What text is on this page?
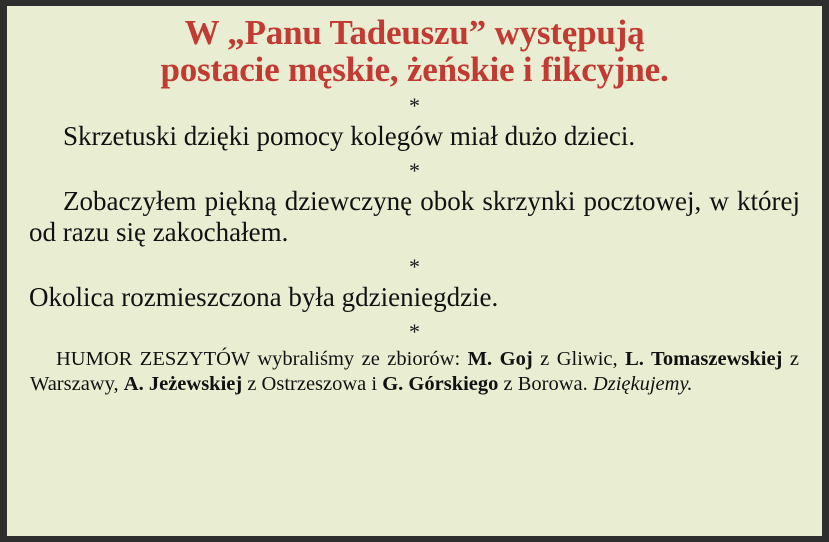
W „Panu Tadeuszu” występują
postacie męskie, żeńskie i fikcyjne.
*

Skrzetuski dzięki pomocy kolegów miał dużo dzieci.

*

Zobaczyłem piękną dziewczynę obok skrzynki pocztowej, w której od razu się zakochałem.

*

Okolica rozmieszczona była gdzieniegdzie.

*

HUMOR ZESZYTÓW wybraliśmy ze zbiorów: M. Goj z Gliwic, L. Tomaszewskiej z Warszawy, A. Jeżewskiej z Ostrzeszowa i G. Górskiego z Borowa. Dziękujemy.
